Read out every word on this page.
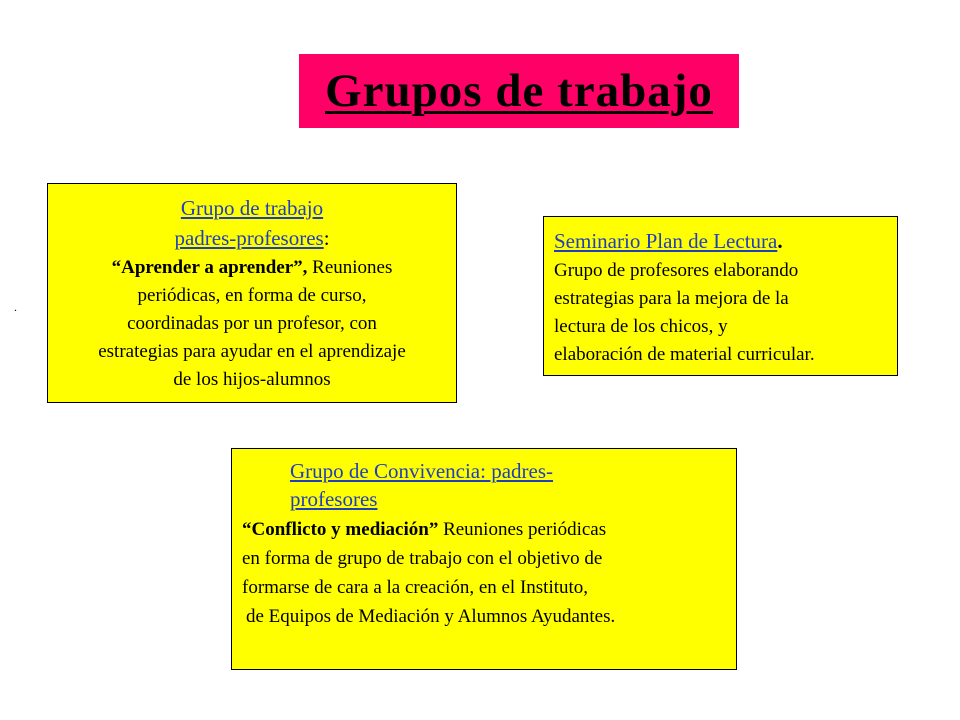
Grupos de trabajo
.
Grupo de trabajo
padres-profesores:
“Aprender a aprender”, Reuniones
periódicas, en forma de curso,
coordinadas por un profesor, con
estrategias para ayudar en el aprendizaje
de los hijos-alumnos
Seminario Plan de Lectura.
Grupo de profesores elaborando
estrategias para la mejora de la
lectura de los chicos, y
elaboración de material curricular.
Grupo de Convivencia: padres-
profesores
“Conflicto y mediación” Reuniones periódicas
en forma de grupo de trabajo con el objetivo de
formarse de cara a la creación, en el Instituto,
de Equipos de Mediación y Alumnos Ayudantes.
